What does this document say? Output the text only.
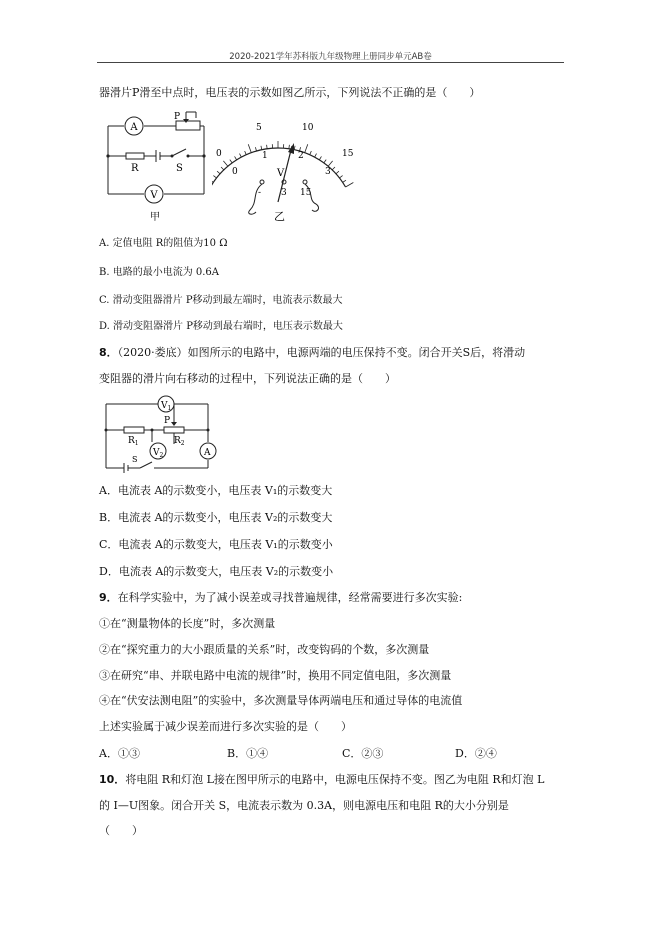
2020-2021学年苏科版九年级物理上册同步单元AB卷
器滑片P滑至中点时，电压表的示数如图乙所示，下列说法不正确的是（　　）
A
V
P
R	S
甲
0
5	10
15
0
1	2
3
V
- 3 15
乙
A. 定值电阻 R的阻值为10 Ω
B. 电路的最小电流为 0.6A
C. 滑动变阻器滑片 P移动到最左端时，电流表示数最大
D. 滑动变阻器滑片 P移动到最右端时，电压表示数最大
8．（2020·娄底）如图所示的电路中，电源两端的电压保持不变。闭合开关S后，将滑动
变阻器的滑片向右移动的过程中，下列说法正确的是（　　）
$V_1$
$V_2$	A
$R_1$	$R_2$
P
S
A．电流表 A的示数变小，电压表 V₁的示数变大
B．电流表 A的示数变小，电压表 V₂的示数变大
C．电流表 A的示数变大，电压表 V₁的示数变小
D．电流表 A的示数变大，电压表 V₂的示数变小
9．在科学实验中，为了减小误差或寻找普遍规律，经常需要进行多次实验:
①在“测量物体的长度”时，多次测量
②在“探究重力的大小跟质量的关系”时，改变钩码的个数，多次测量
③在研究“串、并联电路中电流的规律”时，换用不同定值电阻，多次测量
④在“伏安法测电阻”的实验中，多次测量导体两端电压和通过导体的电流值
上述实验属于减少误差而进行多次实验的是（　　）
A．①③	B．①④	C．②③	D．②④
10．将电阻 R和灯泡 L接在图甲所示的电路中，电源电压保持不变。图乙为电阻 R和灯泡 L
的 I—U图象。闭合开关 S，电流表示数为 0.3A，则电源电压和电阻 R的大小分别是
（　　）
